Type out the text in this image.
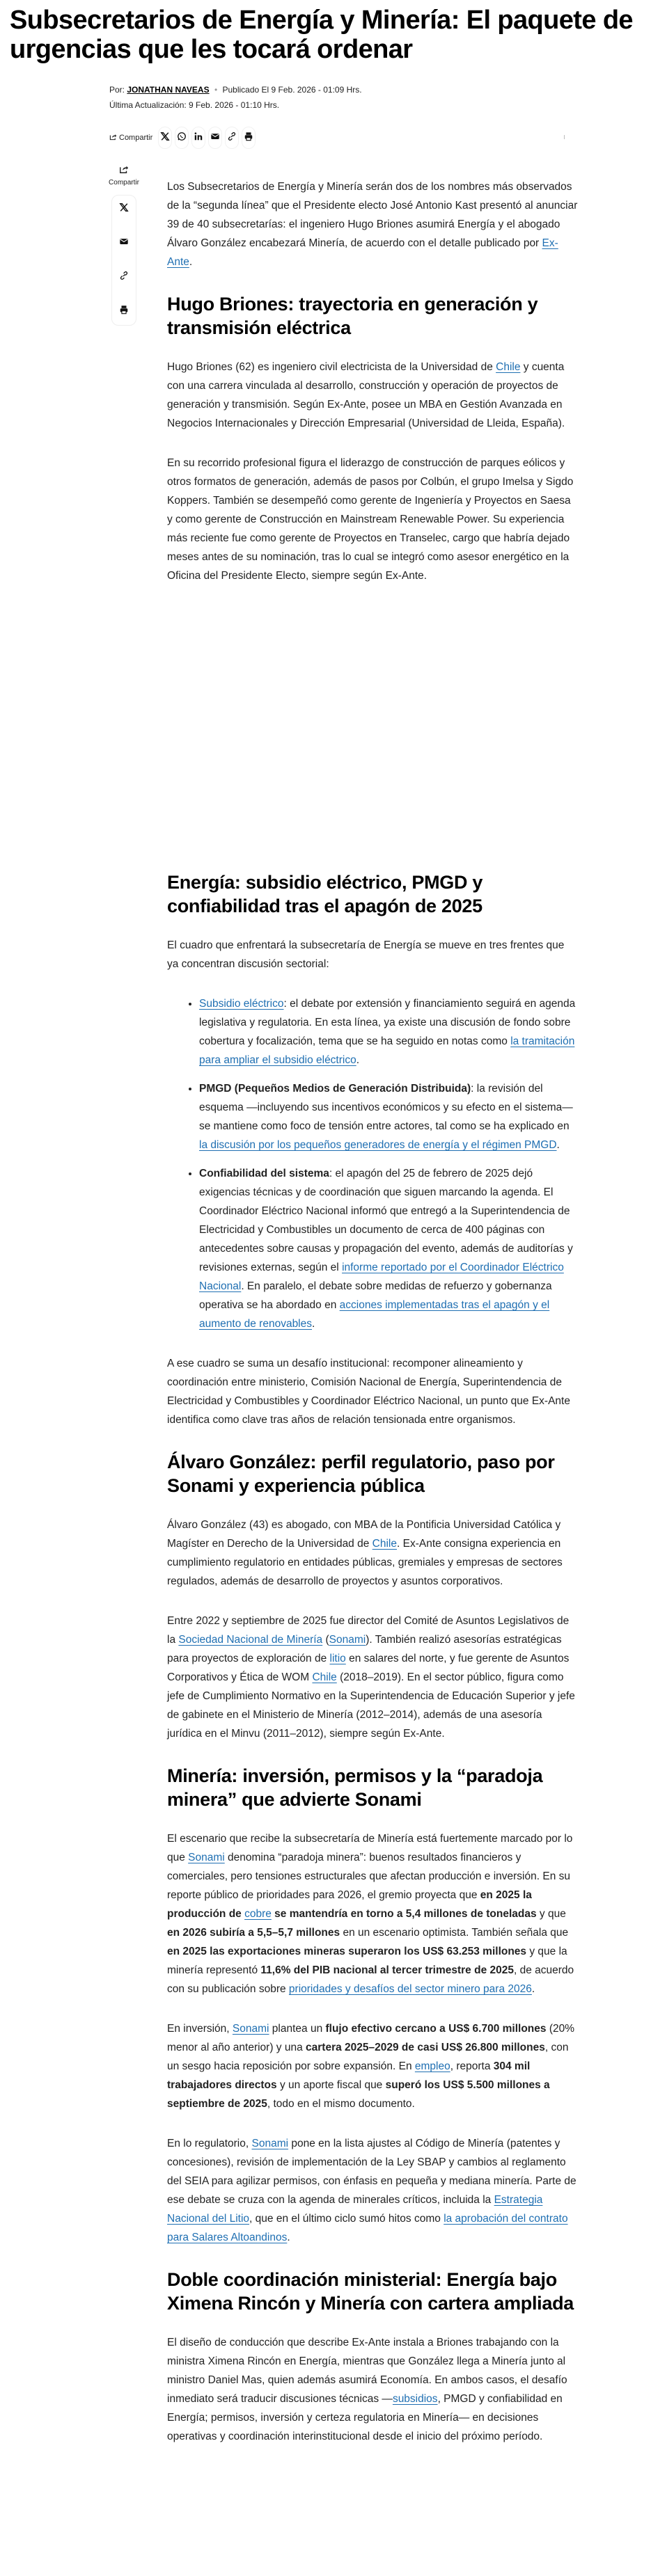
Subsecretarios de Energía y Minería: El paquete de urgencias que les tocará ordenar
Por: JONATHAN NAVEAS • Publicado El 9 Feb. 2026 - 01:09 Hrs.
Última Actualización: 9 Feb. 2026 - 01:10 Hrs.
Compartir
Compartir	Los Subsecretarios de Energía y Minería serán dos de los nombres más observados de la “segunda línea” que el Presidente electo José Antonio Kast presentó al anunciar 39 de 40 subsecretarías: el ingeniero Hugo Briones asumirá Energía y el abogado Álvaro González encabezará Minería, de acuerdo con el detalle publicado por Ex-Ante.

Hugo Briones: trayectoria en generación y transmisión eléctrica

Hugo Briones (62) es ingeniero civil electricista de la Universidad de Chile y cuenta con una carrera vinculada al desarrollo, construcción y operación de proyectos de generación y transmisión. Según Ex-Ante, posee un MBA en Gestión Avanzada en Negocios Internacionales y Dirección Empresarial (Universidad de Lleida, España).

En su recorrido profesional figura el liderazgo de construcción de parques eólicos y otros formatos de generación, además de pasos por Colbún, el grupo Imelsa y Sigdo Koppers. También se desempeñó como gerente de Ingeniería y Proyectos en Saesa y como gerente de Construcción en Mainstream Renewable Power. Su experiencia más reciente fue como gerente de Proyectos en Transelec, cargo que habría dejado meses antes de su nominación, tras lo cual se integró como asesor energético en la Oficina del Presidente Electo, siempre según Ex-Ante.

Energía: subsidio eléctrico, PMGD y confiabilidad tras el apagón de 2025

El cuadro que enfrentará la subsecretaría de Energía se mueve en tres frentes que ya concentran discusión sectorial:

• Subsidio eléctrico: el debate por extensión y financiamiento seguirá en agenda legislativa y regulatoria. En esta línea, ya existe una discusión de fondo sobre cobertura y focalización, tema que se ha seguido en notas como la tramitación para ampliar el subsidio eléctrico.
• PMGD (Pequeños Medios de Generación Distribuida): la revisión del esquema —incluyendo sus incentivos económicos y su efecto en el sistema— se mantiene como foco de tensión entre actores, tal como se ha explicado en la discusión por los pequeños generadores de energía y el régimen PMGD.
• Confiabilidad del sistema: el apagón del 25 de febrero de 2025 dejó exigencias técnicas y de coordinación que siguen marcando la agenda. El Coordinador Eléctrico Nacional informó que entregó a la Superintendencia de Electricidad y Combustibles un documento de cerca de 400 páginas con antecedentes sobre causas y propagación del evento, además de auditorías y revisiones externas, según el informe reportado por el Coordinador Eléctrico Nacional. En paralelo, el debate sobre medidas de refuerzo y gobernanza operativa se ha abordado en acciones implementadas tras el apagón y el aumento de renovables.

A ese cuadro se suma un desafío institucional: recomponer alineamiento y coordinación entre ministerio, Comisión Nacional de Energía, Superintendencia de Electricidad y Combustibles y Coordinador Eléctrico Nacional, un punto que Ex-Ante identifica como clave tras años de relación tensionada entre organismos.

Álvaro González: perfil regulatorio, paso por Sonami y experiencia pública

Álvaro González (43) es abogado, con MBA de la Pontificia Universidad Católica y Magíster en Derecho de la Universidad de Chile. Ex-Ante consigna experiencia en cumplimiento regulatorio en entidades públicas, gremiales y empresas de sectores regulados, además de desarrollo de proyectos y asuntos corporativos.

Entre 2022 y septiembre de 2025 fue director del Comité de Asuntos Legislativos de la Sociedad Nacional de Minería (Sonami). También realizó asesorías estratégicas para proyectos de exploración de litio en salares del norte, y fue gerente de Asuntos Corporativos y Ética de WOM Chile (2018–2019). En el sector público, figura como jefe de Cumplimiento Normativo en la Superintendencia de Educación Superior y jefe de gabinete en el Ministerio de Minería (2012–2014), además de una asesoría jurídica en el Minvu (2011–2012), siempre según Ex-Ante.

Minería: inversión, permisos y la “paradoja minera” que advierte Sonami

El escenario que recibe la subsecretaría de Minería está fuertemente marcado por lo que Sonami denomina “paradoja minera”: buenos resultados financieros y comerciales, pero tensiones estructurales que afectan producción e inversión. En su reporte público de prioridades para 2026, el gremio proyecta que en 2025 la producción de cobre se mantendría en torno a 5,4 millones de toneladas y que en 2026 subiría a 5,5–5,7 millones en un escenario optimista. También señala que en 2025 las exportaciones mineras superaron los US$ 63.253 millones y que la minería representó 11,6% del PIB nacional al tercer trimestre de 2025, de acuerdo con su publicación sobre prioridades y desafíos del sector minero para 2026.

En inversión, Sonami plantea un flujo efectivo cercano a US$ 6.700 millones (20% menor al año anterior) y una cartera 2025–2029 de casi US$ 26.800 millones, con un sesgo hacia reposición por sobre expansión. En empleo, reporta 304 mil trabajadores directos y un aporte fiscal que superó los US$ 5.500 millones a septiembre de 2025, todo en el mismo documento.

En lo regulatorio, Sonami pone en la lista ajustes al Código de Minería (patentes y concesiones), revisión de implementación de la Ley SBAP y cambios al reglamento del SEIA para agilizar permisos, con énfasis en pequeña y mediana minería. Parte de ese debate se cruza con la agenda de minerales críticos, incluida la Estrategia Nacional del Litio, que en el último ciclo sumó hitos como la aprobación del contrato para Salares Altoandinos.

Doble coordinación ministerial: Energía bajo Ximena Rincón y Minería con cartera ampliada

El diseño de conducción que describe Ex-Ante instala a Briones trabajando con la ministra Ximena Rincón en Energía, mientras que González llega a Minería junto al ministro Daniel Mas, quien además asumirá Economía. En ambos casos, el desafío inmediato será traducir discusiones técnicas —subsidios, PMGD y confiabilidad en Energía; permisos, inversión y certeza regulatoria en Minería— en decisiones operativas y coordinación interinstitucional desde el inicio del próximo período.
